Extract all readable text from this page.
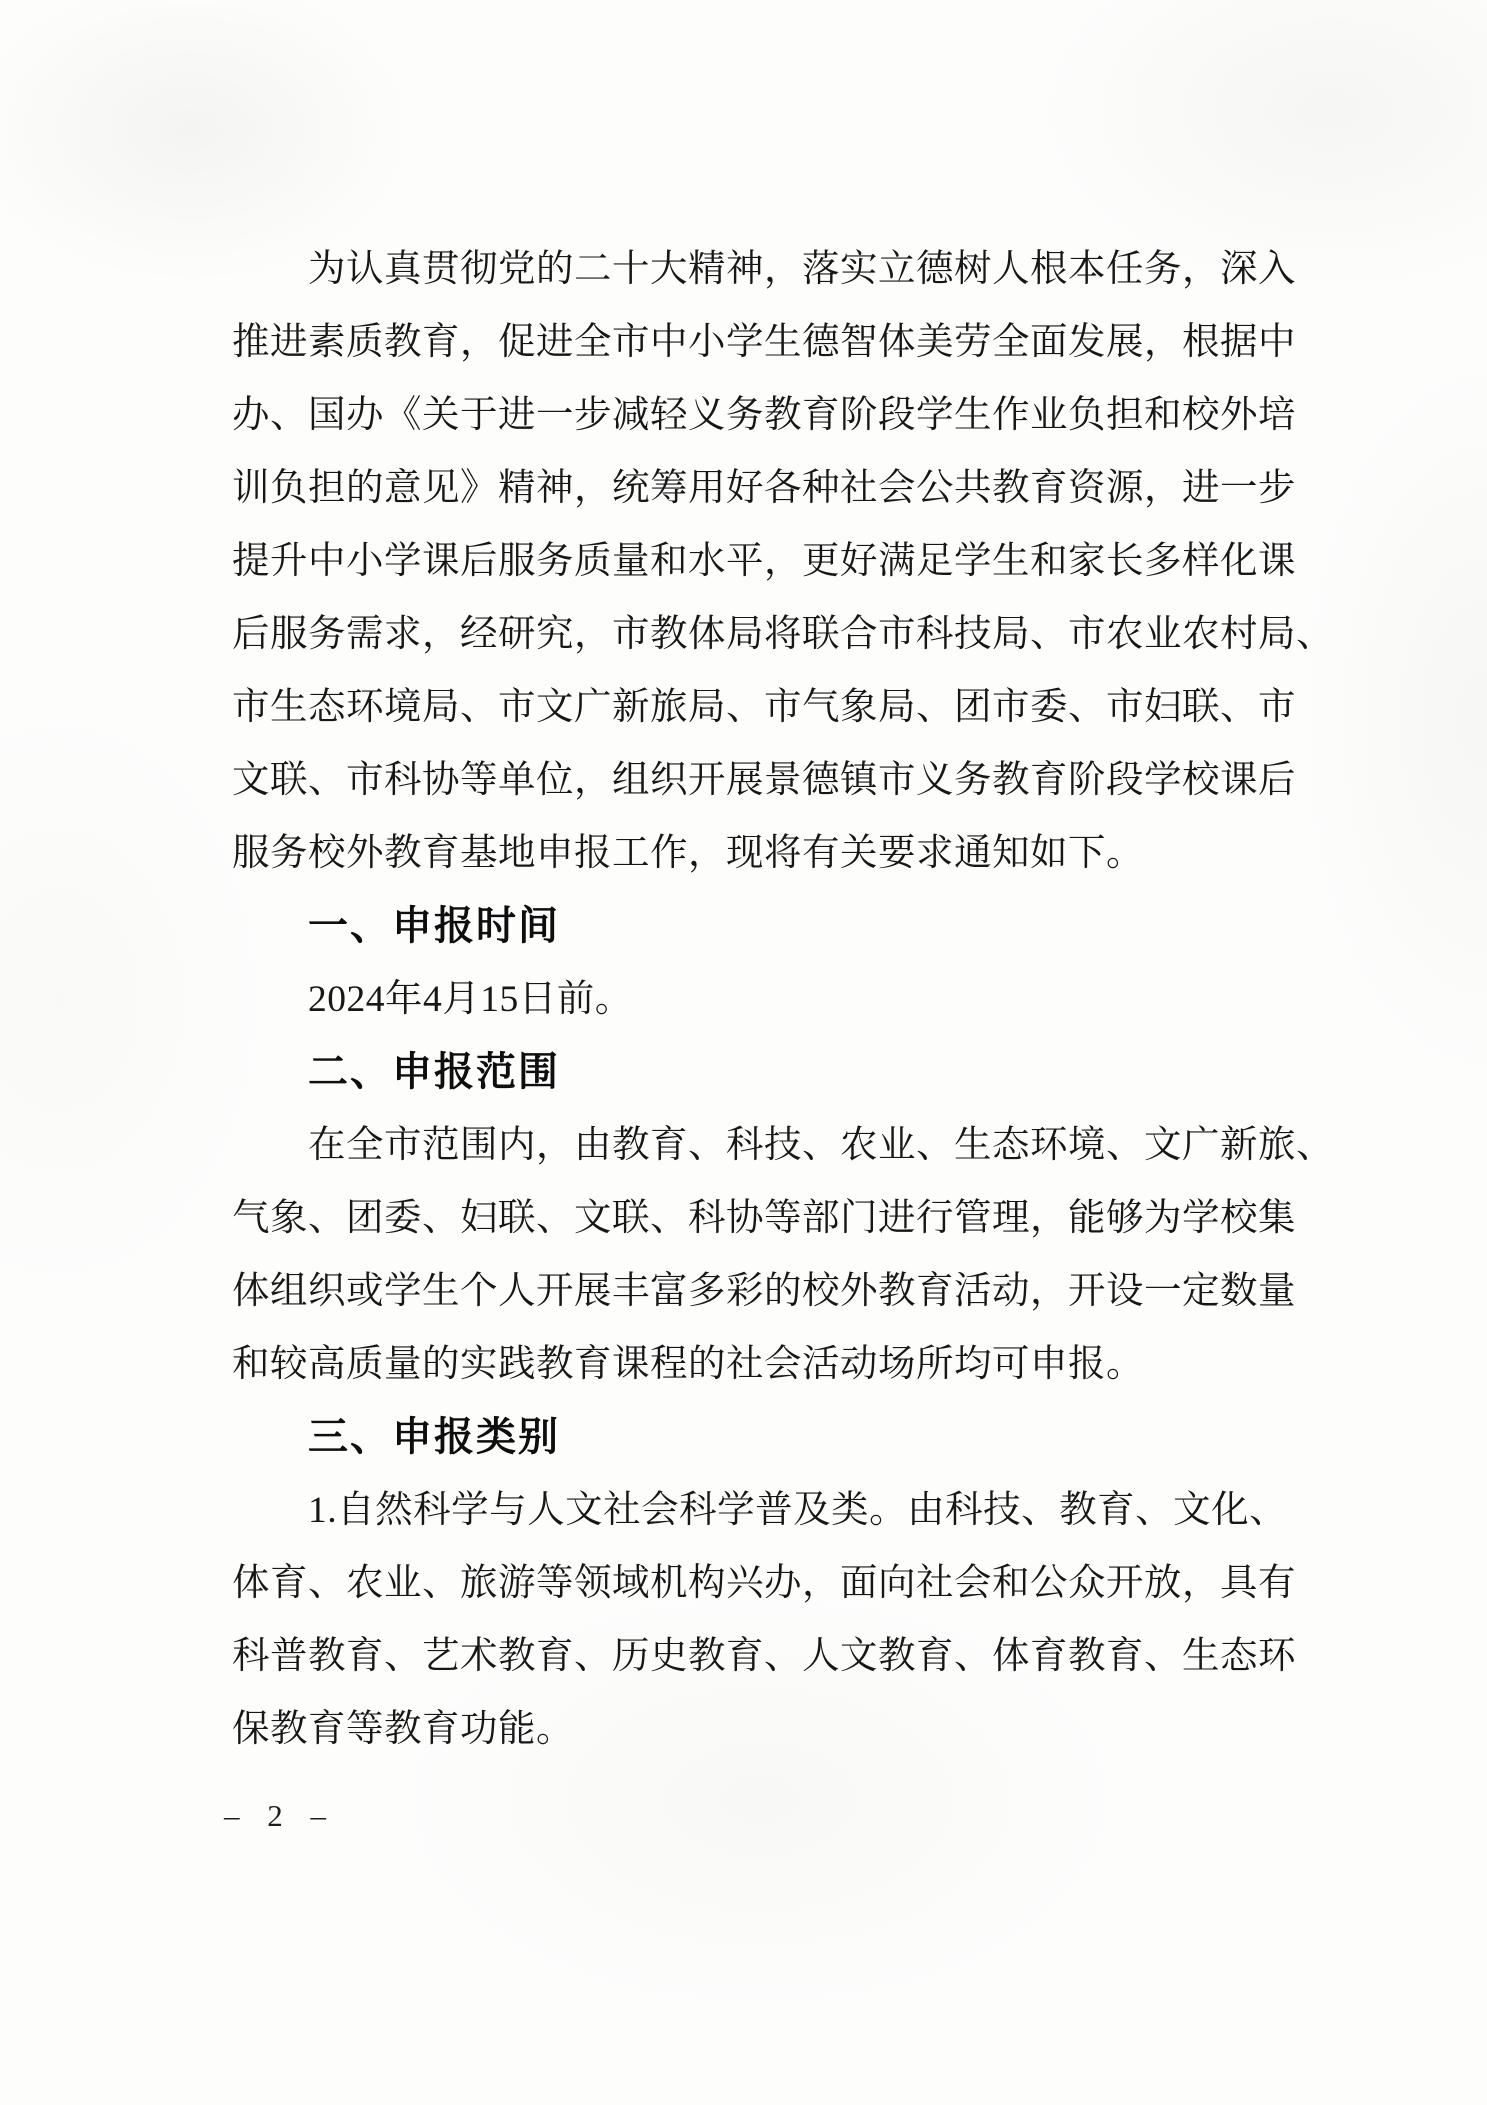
为认真贯彻党的二十大精神，落实立德树人根本任务，深入

推进素质教育，促进全市中小学生德智体美劳全面发展，根据中

办、国办《关于进一步减轻义务教育阶段学生作业负担和校外培

训负担的意见》精神，统筹用好各种社会公共教育资源，进一步

提升中小学课后服务质量和水平，更好满足学生和家长多样化课

后服务需求，经研究，市教体局将联合市科技局、市农业农村局、

市生态环境局、市文广新旅局、市气象局、团市委、市妇联、市

文联、市科协等单位，组织开展景德镇市义务教育阶段学校课后

服务校外教育基地申报工作，现将有关要求通知如下。

一、申报时间

2024年4月15日前。

二、申报范围

在全市范围内，由教育、科技、农业、生态环境、文广新旅、

气象、团委、妇联、文联、科协等部门进行管理，能够为学校集

体组织或学生个人开展丰富多彩的校外教育活动，开设一定数量

和较高质量的实践教育课程的社会活动场所均可申报。

三、申报类别

1.自然科学与人文社会科学普及类。由科技、教育、文化、

体育、农业、旅游等领域机构兴办，面向社会和公众开放，具有

科普教育、艺术教育、历史教育、人文教育、体育教育、生态环

保教育等教育功能。

– 2 –
